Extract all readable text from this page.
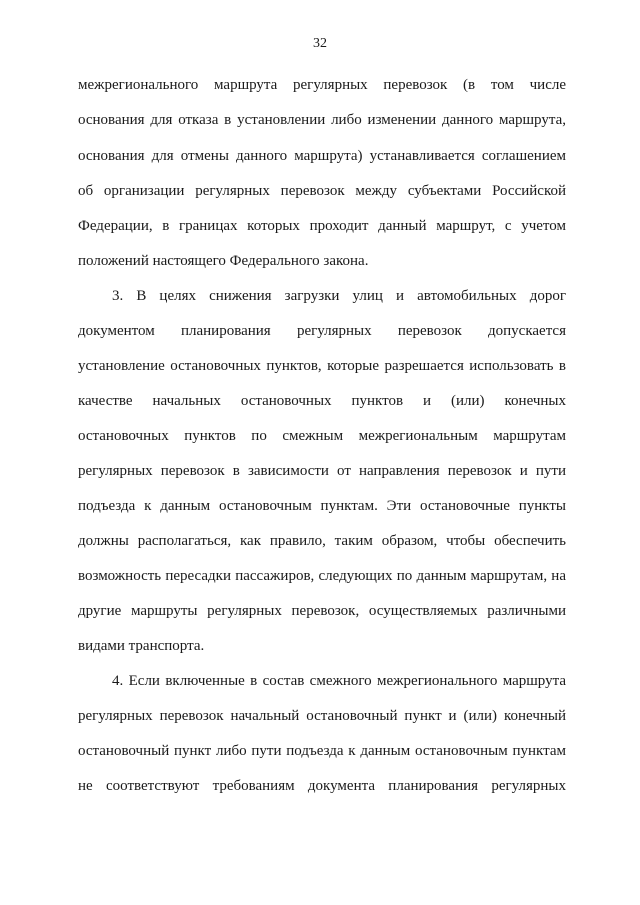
32
межрегионального маршрута регулярных перевозок (в том числе
основания для отказа в установлении либо изменении данного маршрута,
основания для отмены данного маршрута) устанавливается соглашением
об организации регулярных перевозок между субъектами Российской
Федерации, в границах которых проходит данный маршрут, с учетом
положений настоящего Федерального закона.
3. В целях снижения загрузки улиц и автомобильных дорог
документом планирования регулярных перевозок допускается
установление остановочных пунктов, которые разрешается использовать в
качестве начальных остановочных пунктов и (или) конечных
остановочных пунктов по смежным межрегиональным маршрутам
регулярных перевозок в зависимости от направления перевозок и пути
подъезда к данным остановочным пунктам. Эти остановочные пункты
должны располагаться, как правило, таким образом, чтобы обеспечить
возможность пересадки пассажиров, следующих по данным маршрутам, на
другие маршруты регулярных перевозок, осуществляемых различными
видами транспорта.
4. Если включенные в состав смежного межрегионального маршрута
регулярных перевозок начальный остановочный пункт и (или) конечный
остановочный пункт либо пути подъезда к данным остановочным пунктам
не соответствуют требованиям документа планирования регулярных
